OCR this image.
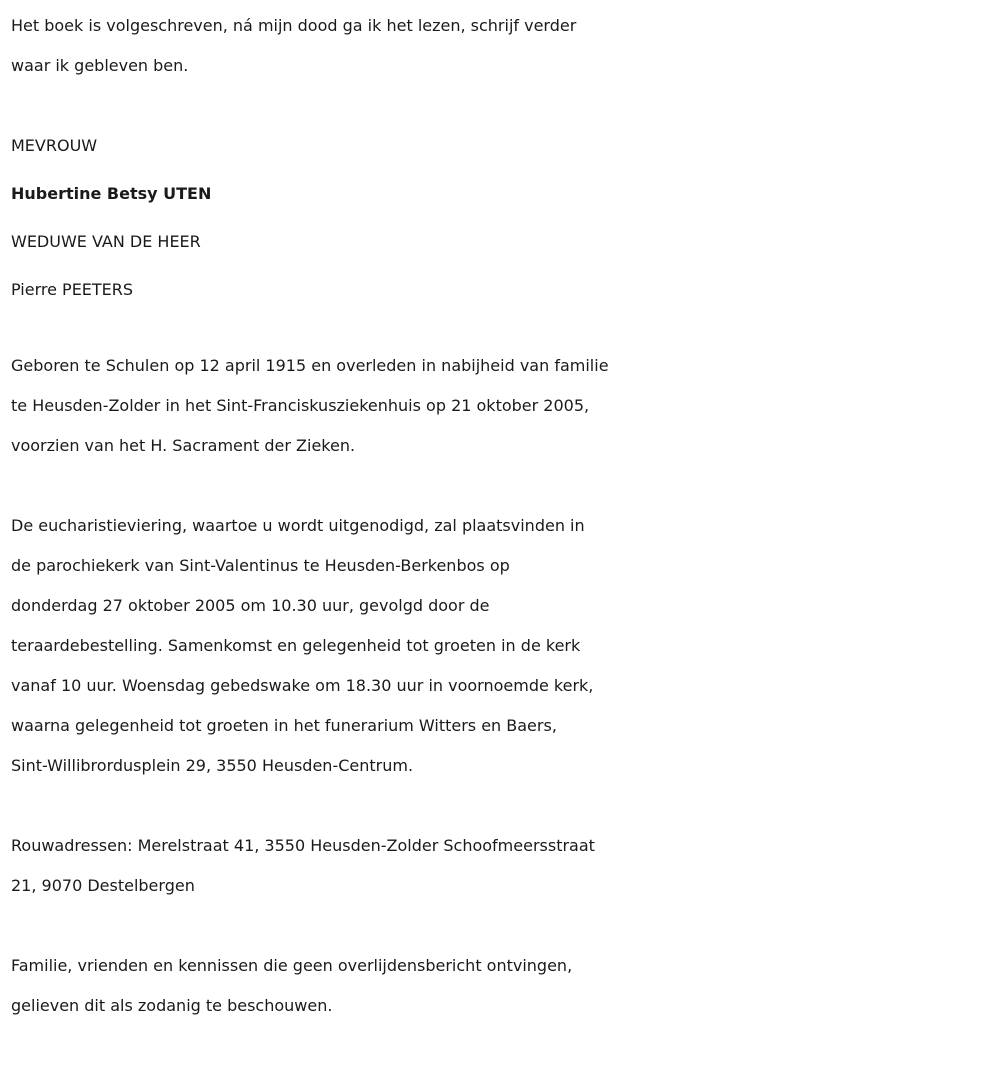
Het boek is volgeschreven, ná mijn dood ga ik het lezen, schrijf verder

waar ik gebleven ben.

MEVROUW

Hubertine Betsy UTEN

WEDUWE VAN DE HEER

Pierre PEETERS

Geboren te Schulen op 12 april 1915 en overleden in nabijheid van familie

te Heusden-Zolder in het Sint-Franciskusziekenhuis op 21 oktober 2005,

voorzien van het H. Sacrament der Zieken.

De eucharistieviering, waartoe u wordt uitgenodigd, zal plaatsvinden in

de parochiekerk van Sint-Valentinus te Heusden-Berkenbos op

donderdag 27 oktober 2005 om 10.30 uur, gevolgd door de

teraardebestelling. Samenkomst en gelegenheid tot groeten in de kerk

vanaf 10 uur. Woensdag gebedswake om 18.30 uur in voornoemde kerk,

waarna gelegenheid tot groeten in het funerarium Witters en Baers,

Sint-Willibrordusplein 29, 3550 Heusden-Centrum.

Rouwadressen: Merelstraat 41, 3550 Heusden-Zolder Schoofmeersstraat

21, 9070 Destelbergen

Familie, vrienden en kennissen die geen overlijdensbericht ontvingen,

gelieven dit als zodanig te beschouwen.
